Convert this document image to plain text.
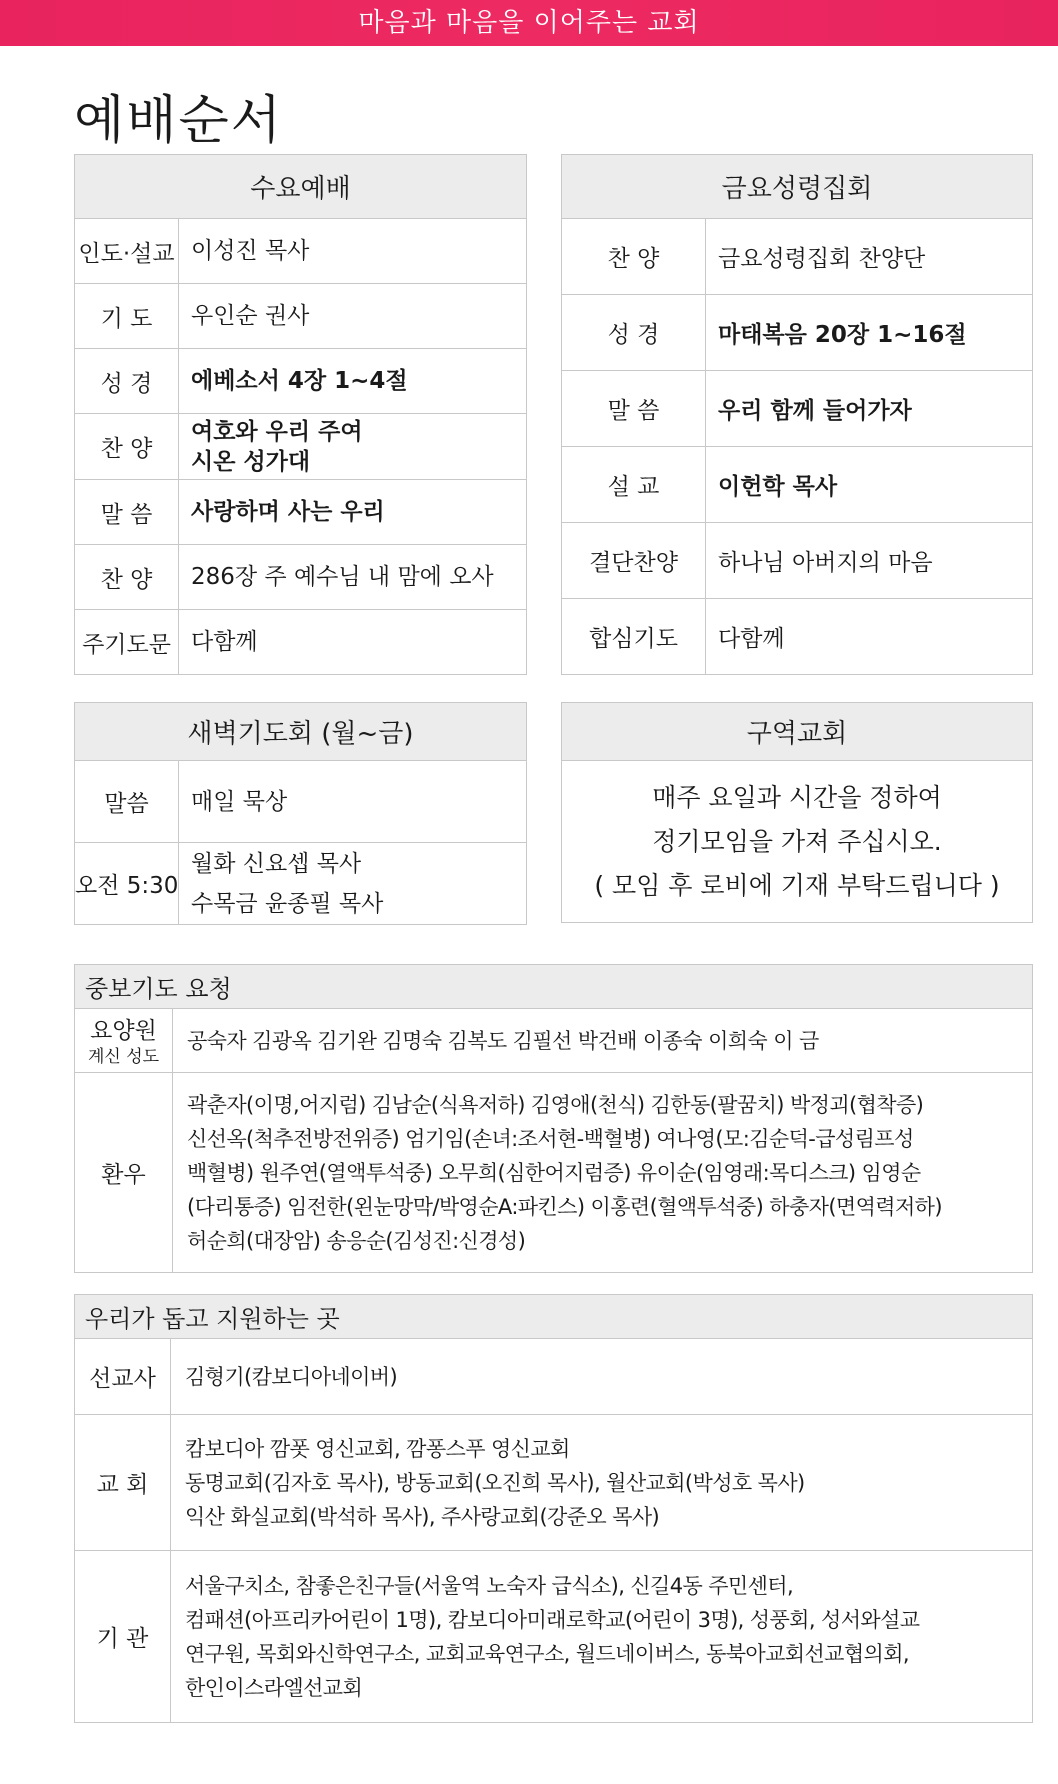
마음과 마음을 이어주는 교회
예배순서
수요예배	
인도·설교	이성진 목사

기 도	우인순 권사

성 경	에베소서 4장 1~4절

찬 양	여호와 우리 주여
시온 성가대

말 씀	사랑하며 사는 우리

찬 양	286장 주 예수님 내 맘에 오사

주기도문	다함께
금요성령집회	
찬 양	금요성령집회 찬양단
성 경	마태복음 20장 1~16절
말 씀	우리 함께 들어가자
설 교	이헌학 목사
결단찬양	하나님 아버지의 마음
합심기도	다함께
새벽기도회 (월~금)	
말씀	매일 묵상

오전 5:30	월화 신요셉 목사
수목금 윤종필 목사
구역교회

매주 요일과 시간을 정하여
정기모임을 가져 주십시오.
( 모임 후 로비에 기재 부탁드립니다 )
중보기도 요청	
요양원
계신 성도	공숙자 김광옥 김기완 김명숙 김복도 김필선 박건배 이종숙 이희숙 이 금

환우	곽춘자(이명,어지럼) 김남순(식욕저하) 김영애(천식) 김한동(팔꿈치) 박정괴(협착증)
신선옥(척추전방전위증) 엄기임(손녀:조서현-백혈병) 여나영(모:김순덕-급성림프성
백혈병) 원주연(열액투석중) 오무희(심한어지럼증) 유이순(임영래:목디스크) 임영순
(다리통증) 임전한(왼눈망막/박영순A:파킨스) 이홍련(혈액투석중) 하충자(면역력저하)
허순희(대장암) 송응순(김성진:신경성)
우리가 돕고 지원하는 곳	
선교사	김형기(캄보디아네이버)

교 회	캄보디아 깜폿 영신교회, 깜퐁스푸 영신교회
동명교회(김자호 목사), 방동교회(오진희 목사), 월산교회(박성호 목사)
익산 화실교회(박석하 목사), 주사랑교회(강준오 목사)

기 관	서울구치소, 참좋은친구들(서울역 노숙자 급식소), 신길4동 주민센터,
컴패션(아프리카어린이 1명), 캄보디아미래로학교(어린이 3명), 성풍회, 성서와설교
연구원, 목회와신학연구소, 교회교육연구소, 월드네이버스, 동북아교회선교협의회,
한인이스라엘선교회
